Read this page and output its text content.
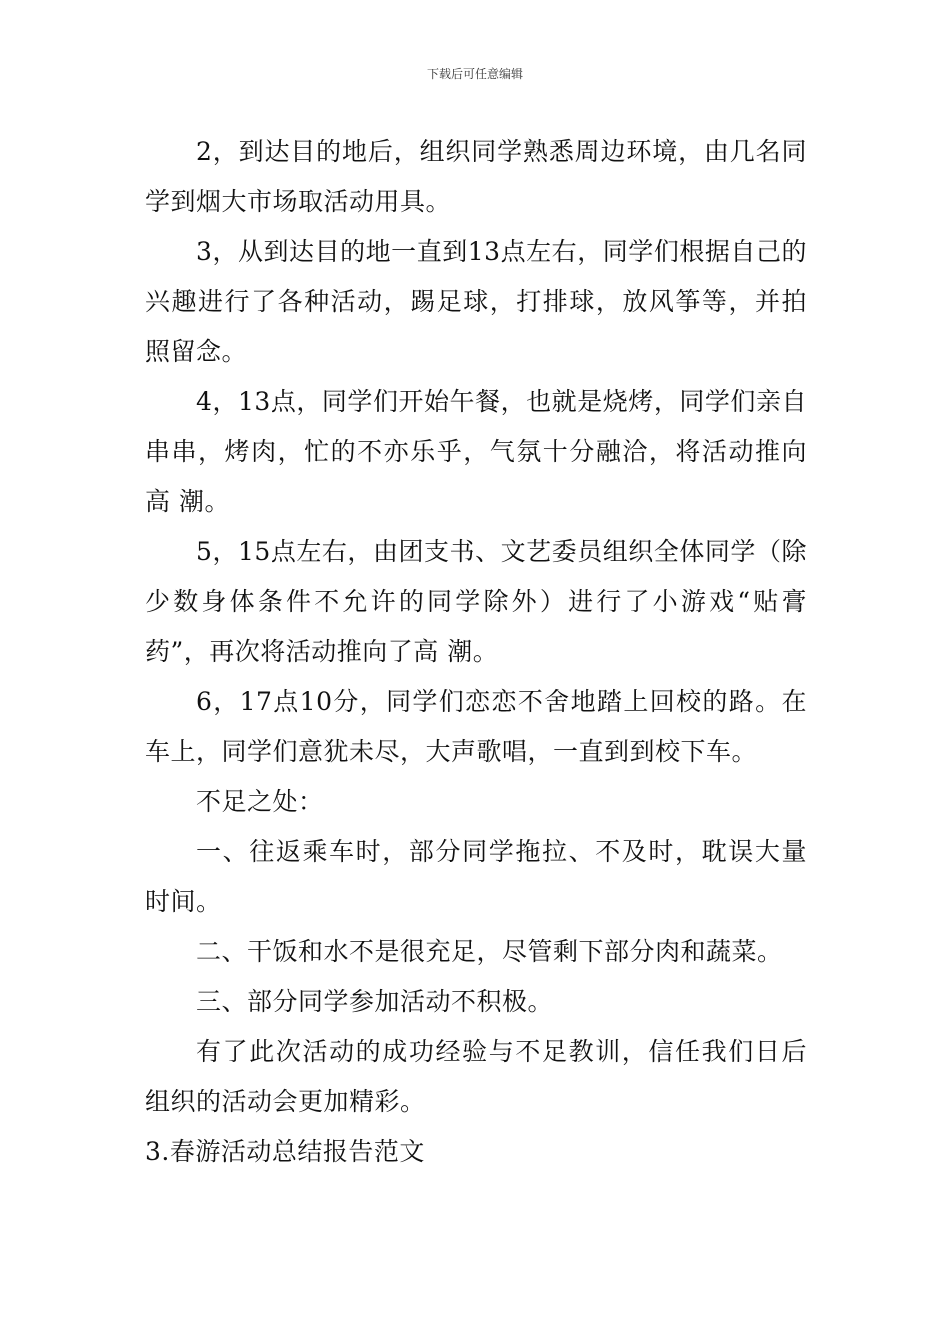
下载后可任意编辑
2，到达目的地后，组织同学熟悉周边环境，由几名同
学到烟大市场取活动用具。
3，从到达目的地一直到13点左右，同学们根据自己的
兴趣进行了各种活动，踢足球，打排球，放风筝等，并拍
照留念。
4，13点，同学们开始午餐，也就是烧烤，同学们亲自
串串，烤肉，忙的不亦乐乎，气氛十分融洽，将活动推向
高 潮。
5，15点左右，由团支书、文艺委员组织全体同学（除
少数身体条件不允许的同学除外）进行了小游戏“贴膏
药”，再次将活动推向了高 潮。
6，17点10分，同学们恋恋不舍地踏上回校的路。在
车上，同学们意犹未尽，大声歌唱，一直到到校下车。
不足之处：
一、往返乘车时，部分同学拖拉、不及时，耽误大量
时间。
二、干饭和水不是很充足，尽管剩下部分肉和蔬菜。
三、部分同学参加活动不积极。
有了此次活动的成功经验与不足教训，信任我们日后
组织的活动会更加精彩。
3.春游活动总结报告范文
